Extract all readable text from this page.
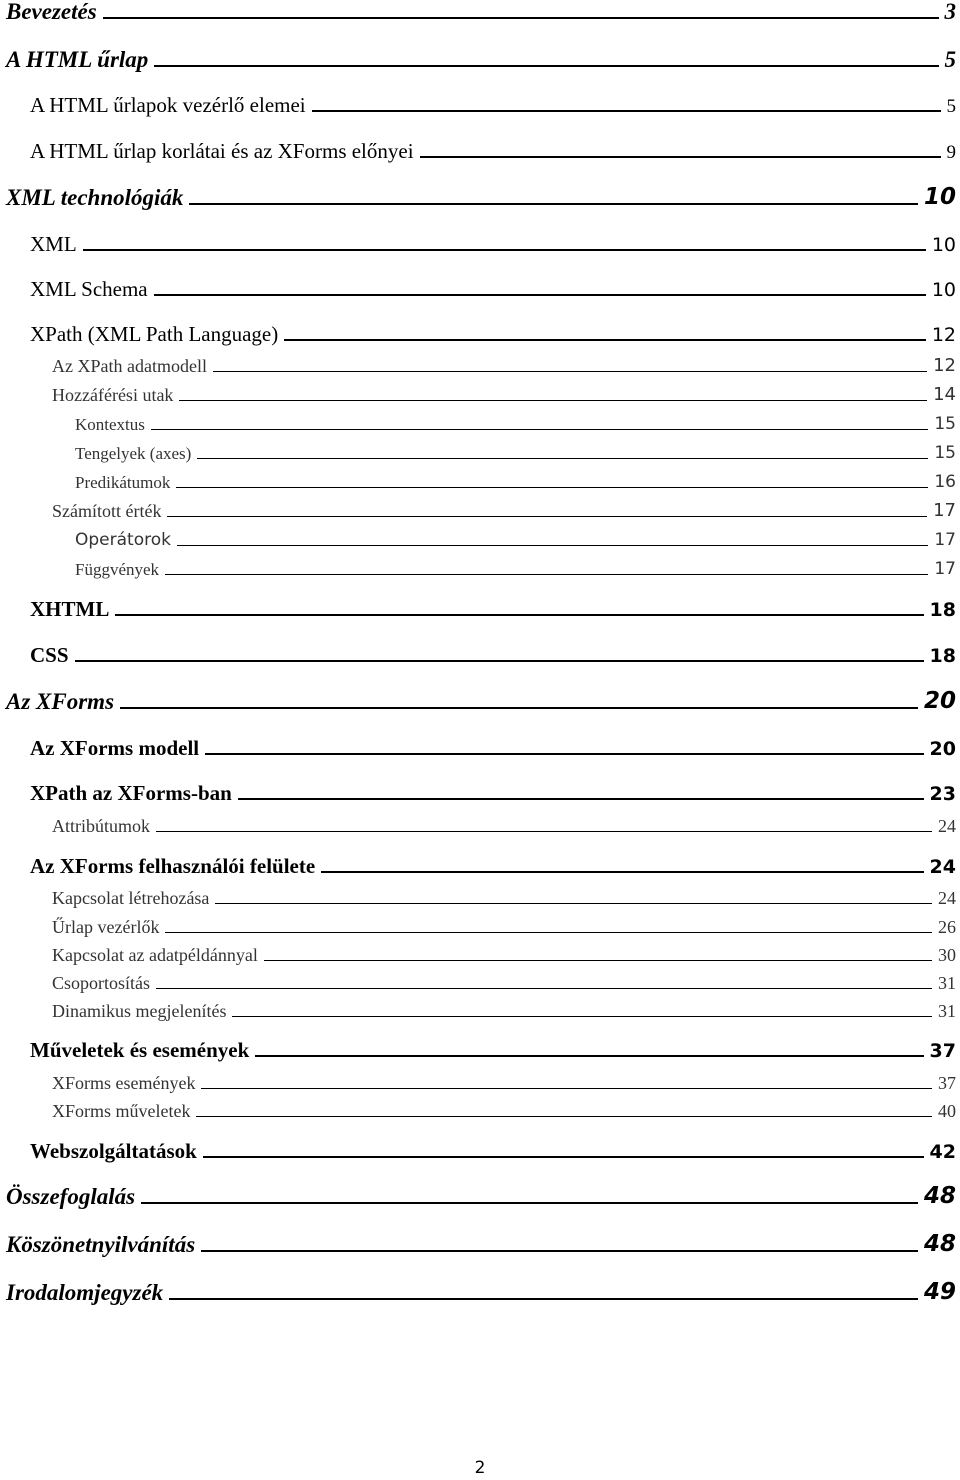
Bevezetés	3
A HTML űrlap	5
A HTML űrlapok vezérlő elemei	5
A HTML űrlap korlátai és az XForms előnyei	9
XML technológiák	10
XML	10
XML Schema	10
XPath (XML Path Language)	12
Az XPath adatmodell	12
Hozzáférési utak	14
Kontextus	15
Tengelyek (axes)	15
Predikátumok	16
Számított érték	17
Operátorok	17
Függvények	17
XHTML	18
CSS	18
Az XForms	20
Az XForms modell	20
XPath az XForms-ban	23
Attribútumok	24
Az XForms felhasználói felülete	24
Kapcsolat létrehozása	24
Űrlap vezérlők	26
Kapcsolat az adatpéldánnyal	30
Csoportosítás	31
Dinamikus megjelenítés	31
Műveletek és események	37
XForms események	37
XForms műveletek	40
Webszolgáltatások	42
Összefoglalás	48
Köszönetnyilvánítás	48
Irodalomjegyzék	49
2
